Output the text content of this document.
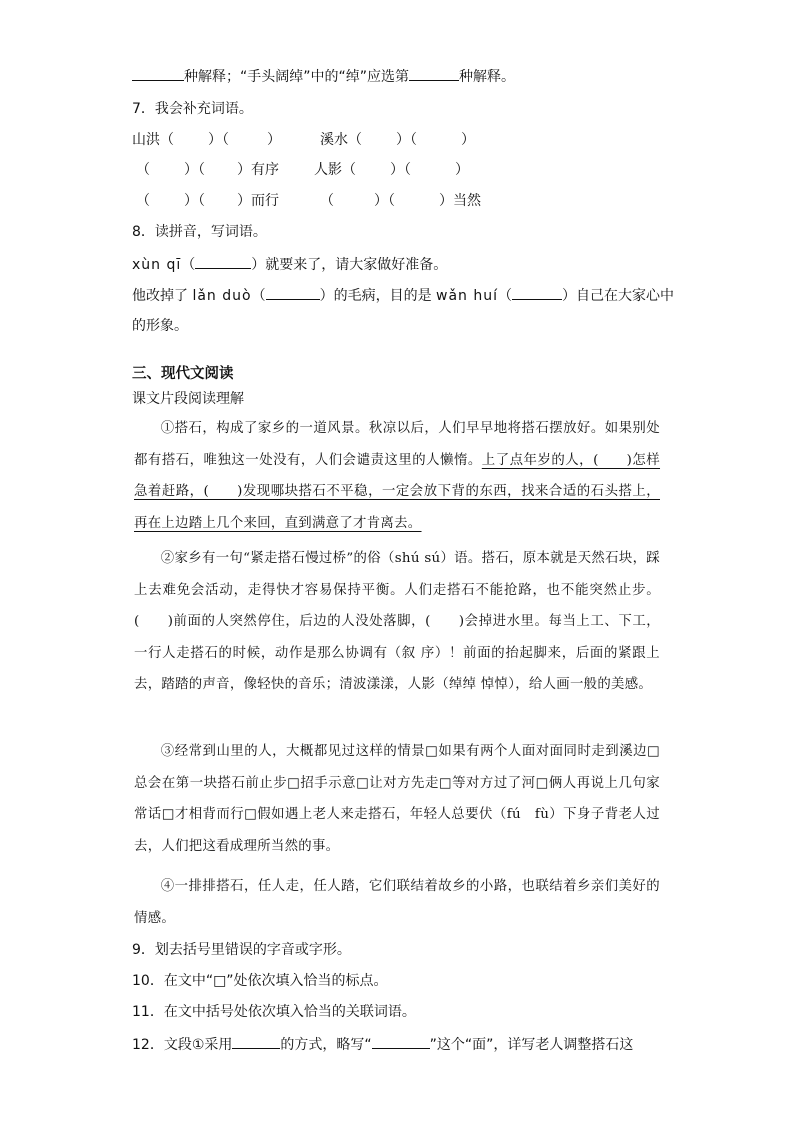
种解释；“手头阔绰”中的“绰”应选第	种解释。
7．我会补充词语。
山洪（ ）（	）	溪水（ ）（	）
（ ）（ ）有序	人影（ ）（	）
（ ）（ ）而行	（	）（	）当然
8．读拼音，写词语。
xùn qī（	）就要来了，请大家做好准备。
他改掉了 lǎn duò（	）的毛病，目的是 wǎn huí（	）自己在大家心中
的形象。
三、现代文阅读
课文片段阅读理解
①搭石，构成了家乡的一道风景。秋凉以后，人们早早地将搭石摆放好。如果别处都有搭石，唯独这一处没有，人们会谴责这里的人懒惰。上了点年岁的人，(　　)怎样急着赶路，(　　)发现哪块搭石不平稳，一定会放下背的东西，找来合适的石头搭上，再在上边踏上几个来回，直到满意了才肯离去。
②家乡有一句“紧走搭石慢过桥”的俗（shú sú）语。搭石，原本就是天然石块，踩上去难免会活动，走得快才容易保持平衡。人们走搭石不能抢路，也不能突然止步。(　　)前面的人突然停住，后边的人没处落脚，(　　)会掉进水里。每当上工、下工，一行人走搭石的时候，动作是那么协调有（叙 序）！前面的抬起脚来，后面的紧跟上去，踏踏的声音，像轻快的音乐；清波漾漾，人影（绰绰 悼悼），给人画一般的美感。
③经常到山里的人，大概都见过这样的情景□如果有两个人面对面同时走到溪边□总会在第一块搭石前止步□招手示意□让对方先走□等对方过了河□俩人再说上几句家常话□才相背而行□假如遇上老人来走搭石，年轻人总要伏（fú　fù）下身子背老人过去，人们把这看成理所当然的事。
④一排排搭石，任人走，任人踏，它们联结着故乡的小路，也联结着乡亲们美好的情感。
9．划去括号里错误的字音或字形。
10．在文中“□”处依次填入恰当的标点。
11．在文中括号处依次填入恰当的关联词语。
12．文段①采用	的方式，略写“	”这个“面”，详写老人调整搭石这
